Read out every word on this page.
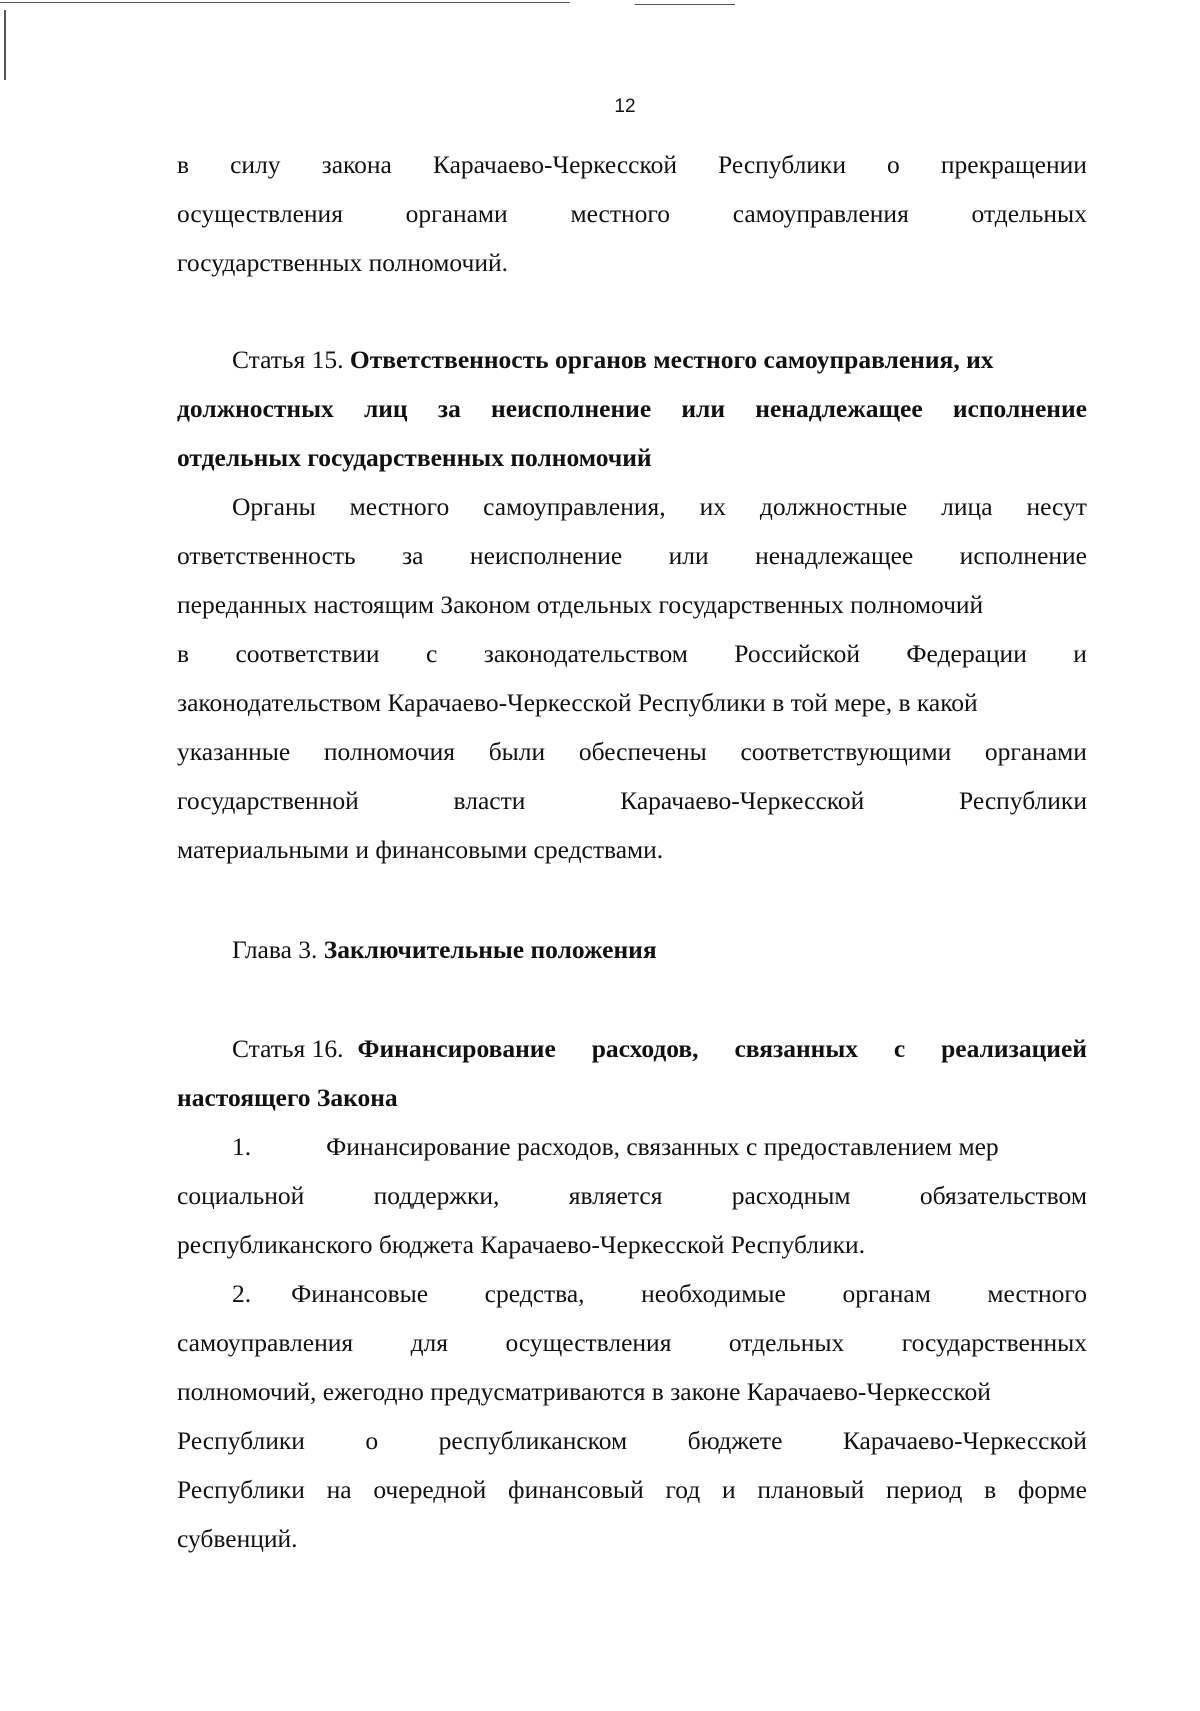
12
в силу закона Карачаево-Черкесской Республики о прекращении
осуществления органами местного самоуправления отдельных
государственных полномочий.
Статья 15. Ответственность органов местного самоуправления, их
должностных лиц за неисполнение или ненадлежащее исполнение
отдельных государственных полномочий
Органы местного самоуправления, их должностные лица несут
ответственность за неисполнение или ненадлежащее исполнение
переданных настоящим Законом отдельных государственных полномочий
в соответствии с законодательством Российской Федерации и
законодательством Карачаево-Черкесской Республики в той мере, в какой
указанные полномочия были обеспечены соответствующими органами
государственной	власти	Карачаево-Черкесской	Республики
материальными и финансовыми средствами.
Глава 3. Заключительные положения
Статья 16. Финансирование расходов, связанных с реализацией
настоящего Закона
1.	Финансирование расходов, связанных с предоставлением мер
социальной	поддержки,	является	расходным	обязательством
республиканского бюджета Карачаево-Черкесской Республики.
2. Финансовые средства, необходимые органам местного
самоуправления для осуществления отдельных государственных
полномочий, ежегодно предусматриваются в законе Карачаево-Черкесской
Республики о республиканском бюджете Карачаево-Черкесской
Республики на очередной финансовый год и плановый период в форме
субвенций.
